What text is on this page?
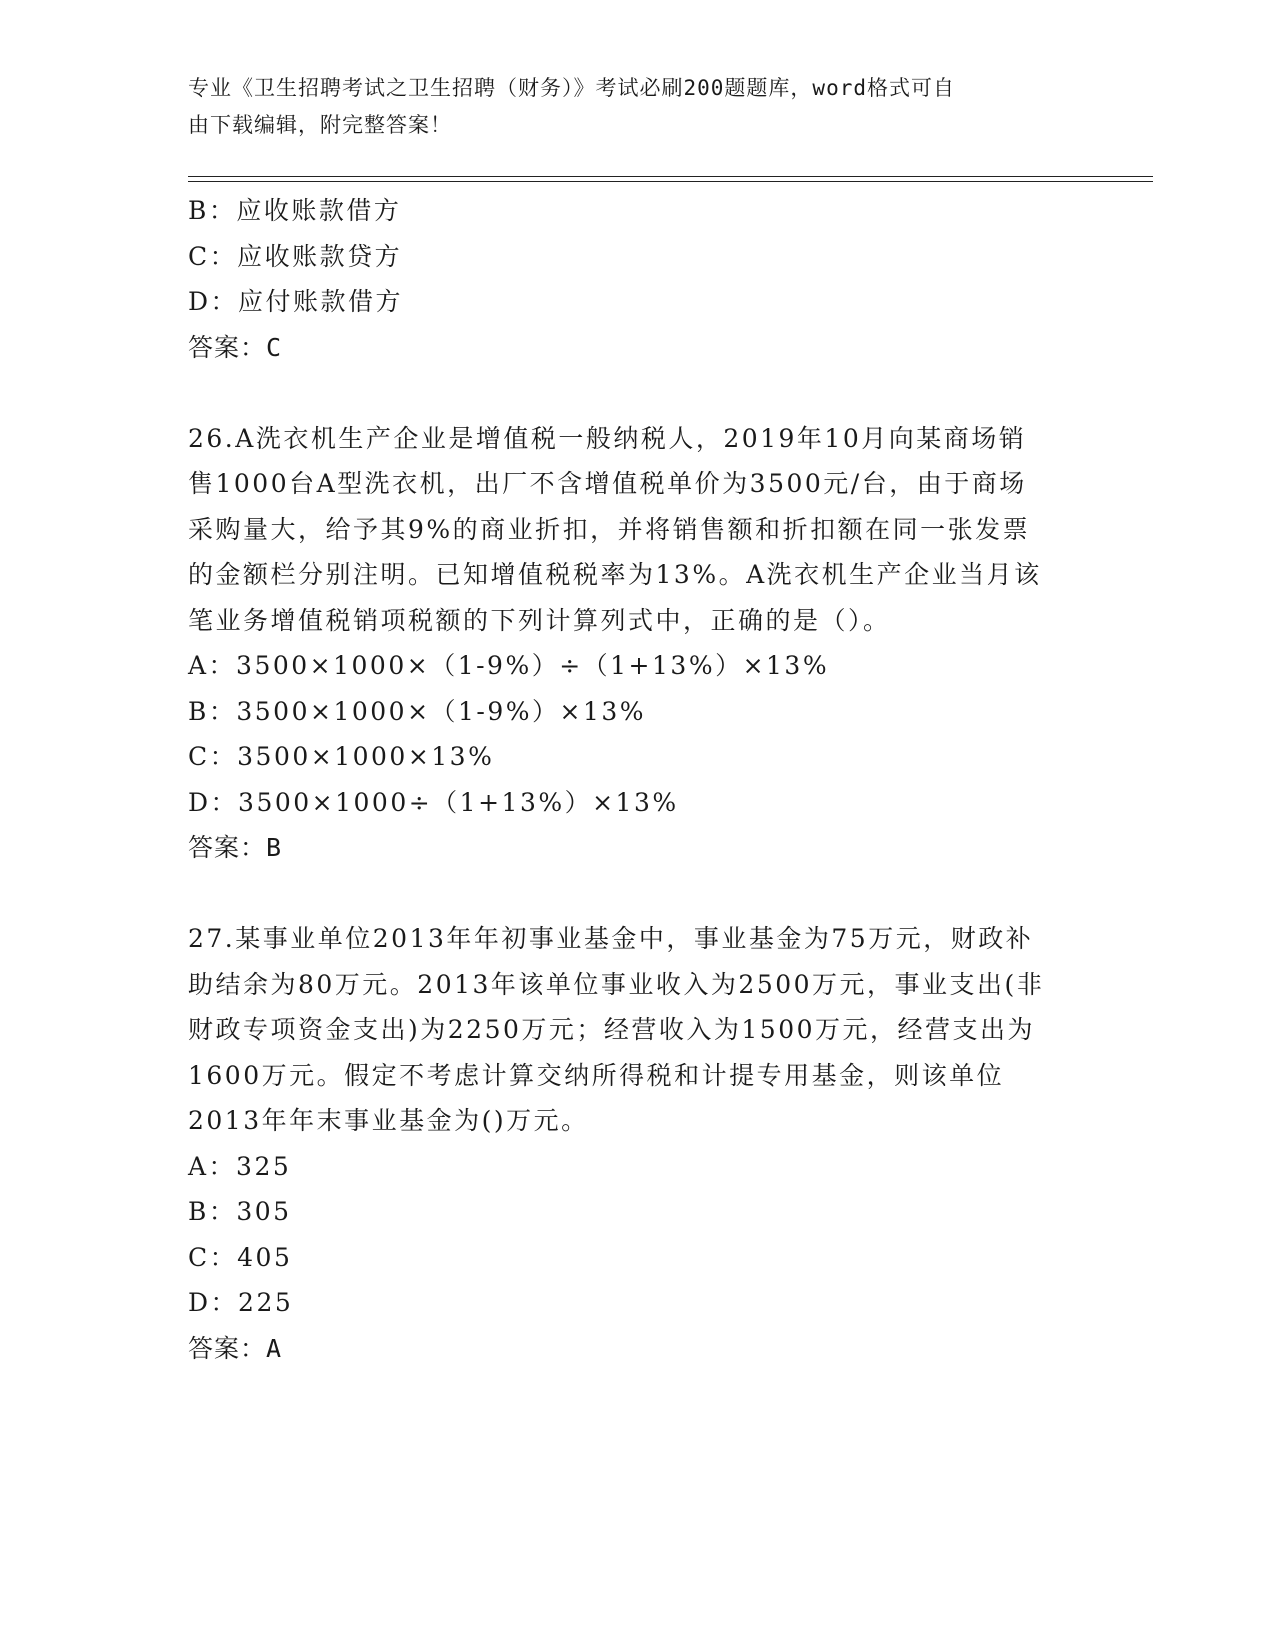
专业《卫生招聘考试之卫生招聘（财务）》考试必刷200题题库，word格式可自
由下载编辑，附完整答案！
B：应收账款借方
C：应收账款贷方
D：应付账款借方
答案：C
26.A洗衣机生产企业是增值税一般纳税人，2019年10月向某商场销
售1000台A型洗衣机，出厂不含增值税单价为3500元/台，由于商场
采购量大，给予其9%的商业折扣，并将销售额和折扣额在同一张发票
的金额栏分别注明。已知增值税税率为13%。A洗衣机生产企业当月该
笔业务增值税销项税额的下列计算列式中，正确的是（）。
A：3500×1000×（1-9%）÷（1+13%）×13%
B：3500×1000×（1-9%）×13%
C：3500×1000×13%
D：3500×1000÷（1+13%）×13%
答案：B
27.某事业单位2013年年初事业基金中，事业基金为75万元，财政补
助结余为80万元。2013年该单位事业收入为2500万元，事业支出(非
财政专项资金支出)为2250万元；经营收入为1500万元，经营支出为
1600万元。假定不考虑计算交纳所得税和计提专用基金，则该单位
2013年年末事业基金为()万元。
A：325
B：305
C：405
D：225
答案：A
